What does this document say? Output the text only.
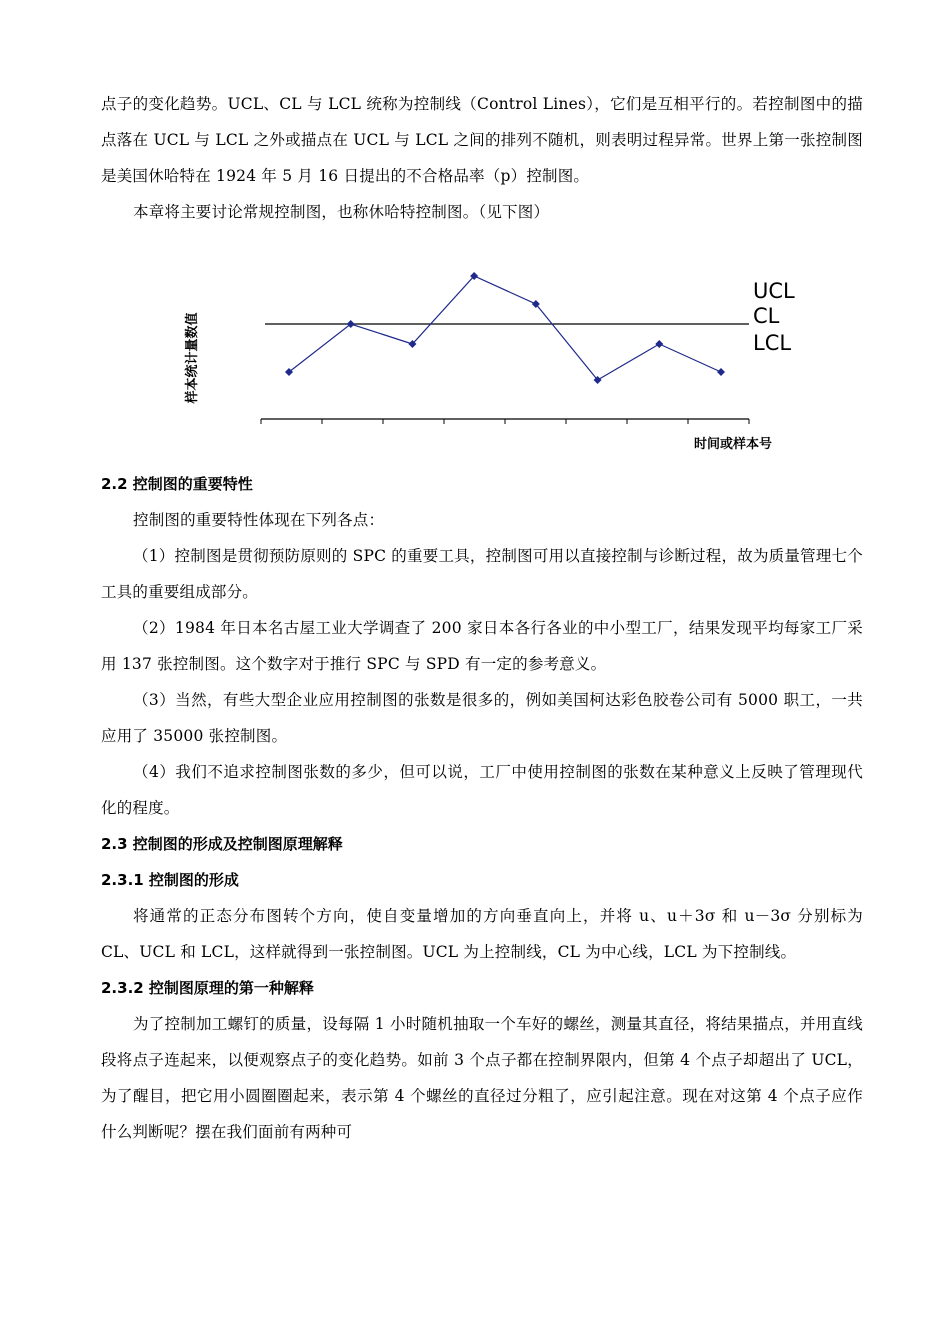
点子的变化趋势。UCL、CL 与 LCL 统称为控制线（Control Lines），它们是互相平行的。若控制图中的描点落在 UCL 与 LCL 之外或描点在 UCL 与 LCL 之间的排列不随机，则表明过程异常。世界上第一张控制图是美国休哈特在 1924 年 5 月 16 日提出的不合格品率（p）控制图。

本章将主要讨论常规控制图，也称休哈特控制图。（见下图）

样本统计量数值
时间或样本号
UCL
CL
LCL

2.2 控制图的重要特性

控制图的重要特性体现在下列各点：

（1）控制图是贯彻预防原则的 SPC 的重要工具，控制图可用以直接控制与诊断过程，故为质量管理七个工具的重要组成部分。

（2）1984 年日本名古屋工业大学调查了 200 家日本各行各业的中小型工厂，结果发现平均每家工厂采用 137 张控制图。这个数字对于推行 SPC 与 SPD 有一定的参考意义。

（3）当然，有些大型企业应用控制图的张数是很多的，例如美国柯达彩色胶卷公司有 5000 职工，一共应用了 35000 张控制图。

（4）我们不追求控制图张数的多少，但可以说，工厂中使用控制图的张数在某种意义上反映了管理现代化的程度。

2.3 控制图的形成及控制图原理解释

2.3.1 控制图的形成

将通常的正态分布图转个方向，使自变量增加的方向垂直向上，并将 u、u＋3σ 和 u－3σ 分别标为 CL、UCL 和 LCL，这样就得到一张控制图。UCL 为上控制线，CL 为中心线，LCL 为下控制线。

2.3.2 控制图原理的第一种解释

为了控制加工螺钉的质量，设每隔 1 小时随机抽取一个车好的螺丝，测量其直径，将结果描点，并用直线段将点子连起来，以便观察点子的变化趋势。如前 3 个点子都在控制界限内，但第 4 个点子却超出了 UCL，为了醒目，把它用小圆圈圈起来，表示第 4 个螺丝的直径过分粗了，应引起注意。现在对这第 4 个点子应作什么判断呢？摆在我们面前有两种可
